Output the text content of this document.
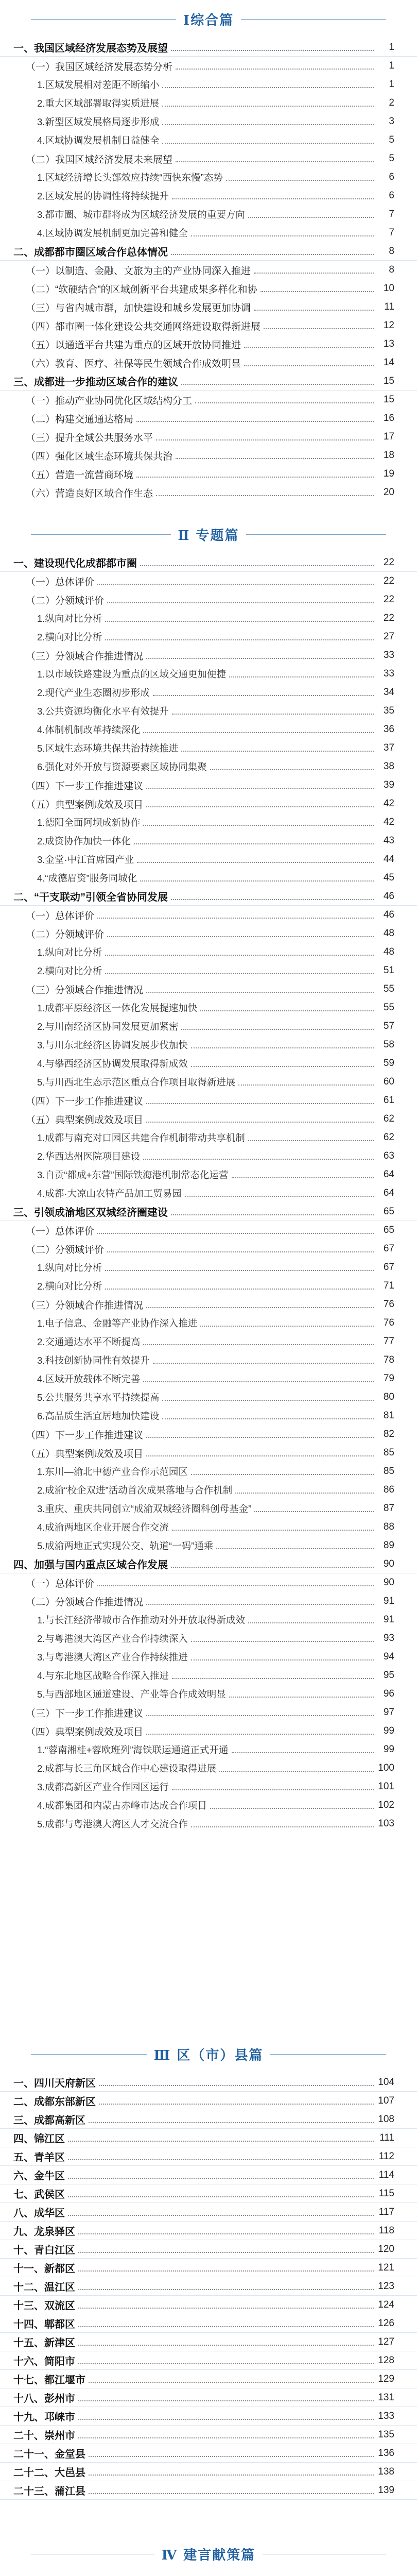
Ⅰ综合篇
一、我国区域经济发展态势及展望	1
（一）我国区域经济发展态势分析	1
1.区域发展相对差距不断缩小	1
2.重大区域部署取得实质进展	2
3.新型区域发展格局逐步形成	3
4.区域协调发展机制日益健全	5
（二）我国区域经济发展未来展望	5
1.区域经济增长头部效应持续“西快东慢”态势	6
2.区域发展的协调性将持续提升	6
3.都市圈、城市群将成为区域经济发展的重要方向	7
4.区域协调发展机制更加完善和健全	7
二、成都都市圈区域合作总体情况	8
（一）以制造、金融、文旅为主的产业协同深入推进	8
（二）“软硬结合”的区域创新平台共建成果多样化和协	10
（三）与省内城市群，加快建设和城乡发展更加协调	11
（四）都市圈一体化建设公共交通网络建设取得新进展	12
（五）以通道平台共建为重点的区域开放协同推进	13
（六）教育、医疗、社保等民生领域合作成效明显	14
三、成都进一步推动区域合作的建议	15
（一）推动产业协同优化区域结构分工	15
（二）构建交通通达格局	16
（三）提升全域公共服务水平	17
（四）强化区域生态环境共保共治	18
（五）营造一流营商环境	19
（六）营造良好区域合作生态	20
Ⅱ 专题篇
一、建设现代化成都都市圈	22
（一）总体评价	22
（二）分领域评价	22
1.纵向对比分析	22
2.横向对比分析	27
（三）分领域合作推进情况	33
1.以市域铁路建设为重点的区域交通更加便捷	33
2.现代产业生态圈初步形成	34
3.公共资源均衡化水平有效提升	35
4.体制机制改革持续深化	36
5.区域生态环境共保共治持续推进	37
6.强化对外开放与资源要素区域协同集聚	38
（四）下一步工作推进建议	39
（五）典型案例成效及项目	42
1.德阳全面阿坝成新协作	42
2.成资协作加快一体化	43
3.金堂·中江首席园产业	44
4.“成德眉资”服务同城化	45
二、“干支联动”引领全省协同发展	46
（一）总体评价	46
（二）分领域评价	48
1.纵向对比分析	48
2.横向对比分析	51
（三）分领域合作推进情况	55
1.成都平原经济区一体化发展提速加快	55
2.与川南经济区协同发展更加紧密	57
3.与川东北经济区协调发展步伐加快	58
4.与攀西经济区协调发展取得新成效	59
5.与川西北生态示范区重点合作项目取得新进展	60
（四）下一步工作推进建议	61
（五）典型案例成效及项目	62
1.成都与南充对口园区共建合作机制带动共享机制	62
2.华西达州医院项目建设	63
3.自贡“都成+东营”国际铁海港机制常态化运营	64
4.成都·大凉山农特产品加工贸易园	64
三、引领成渝地区双城经济圈建设	65
（一）总体评价	65
（二）分领域评价	67
1.纵向对比分析	67
2.横向对比分析	71
（三）分领域合作推进情况	76
1.电子信息、金融等产业协作深入推进	76
2.交通通达水平不断提高	77
3.科技创新协同性有效提升	78
4.区域开放载体不断完善	79
5.公共服务共享水平持续提高	80
6.高品质生活宜居地加快建设	81
（四）下一步工作推进建议	82
（五）典型案例成效及项目	85
1.东川—渝北中德产业合作示范园区	85
2.成渝“校企双进”活动首次成果落地与合作机制	86
3.重庆、重庆共同创立“成渝双城经济圈科创母基金”	87
4.成渝两地区企业开展合作交流	88
5.成渝两地正式实现公交、轨道“一码”通乘	89
四、加强与国内重点区域合作发展	90
（一）总体评价	90
（二）分领域合作推进情况	91
1.与长江经济带城市合作推动对外开放取得新成效	91
2.与粤港澳大湾区产业合作持续深入	93
3.与粤港澳大湾区产业合作持续推进	94
4.与东北地区战略合作深入推进	95
5.与西部地区通道建设、产业等合作成效明显	96
（三）下一步工作推进建议	97
（四）典型案例成效及项目	99
1.“蓉南湘桂+蓉欧班列”海铁联运通道正式开通	99
2.成都与长三角区域合作中心建设取得进展	100
3.成都高新区产业合作园区运行	101
4.成都集团和内蒙古赤峰市达成合作项目	102
5.成都与粤港澳大湾区人才交流合作	103
Ⅲ 区（市）县篇
一、四川天府新区	104
二、成都东部新区	107
三、成都高新区	108
四、锦江区	111
五、青羊区	112
六、金牛区	114
七、武侯区	115
八、成华区	117
九、龙泉驿区	118
十、青白江区	120
十一、新都区	121
十二、温江区	123
十三、双流区	124
十四、郫都区	126
十五、新津区	127
十六、简阳市	128
十七、都江堰市	129
十八、彭州市	131
十九、邛崃市	133
二十、崇州市	135
二十一、金堂县	136
二十二、大邑县	138
二十三、蒲江县	139
Ⅳ 建言献策篇
